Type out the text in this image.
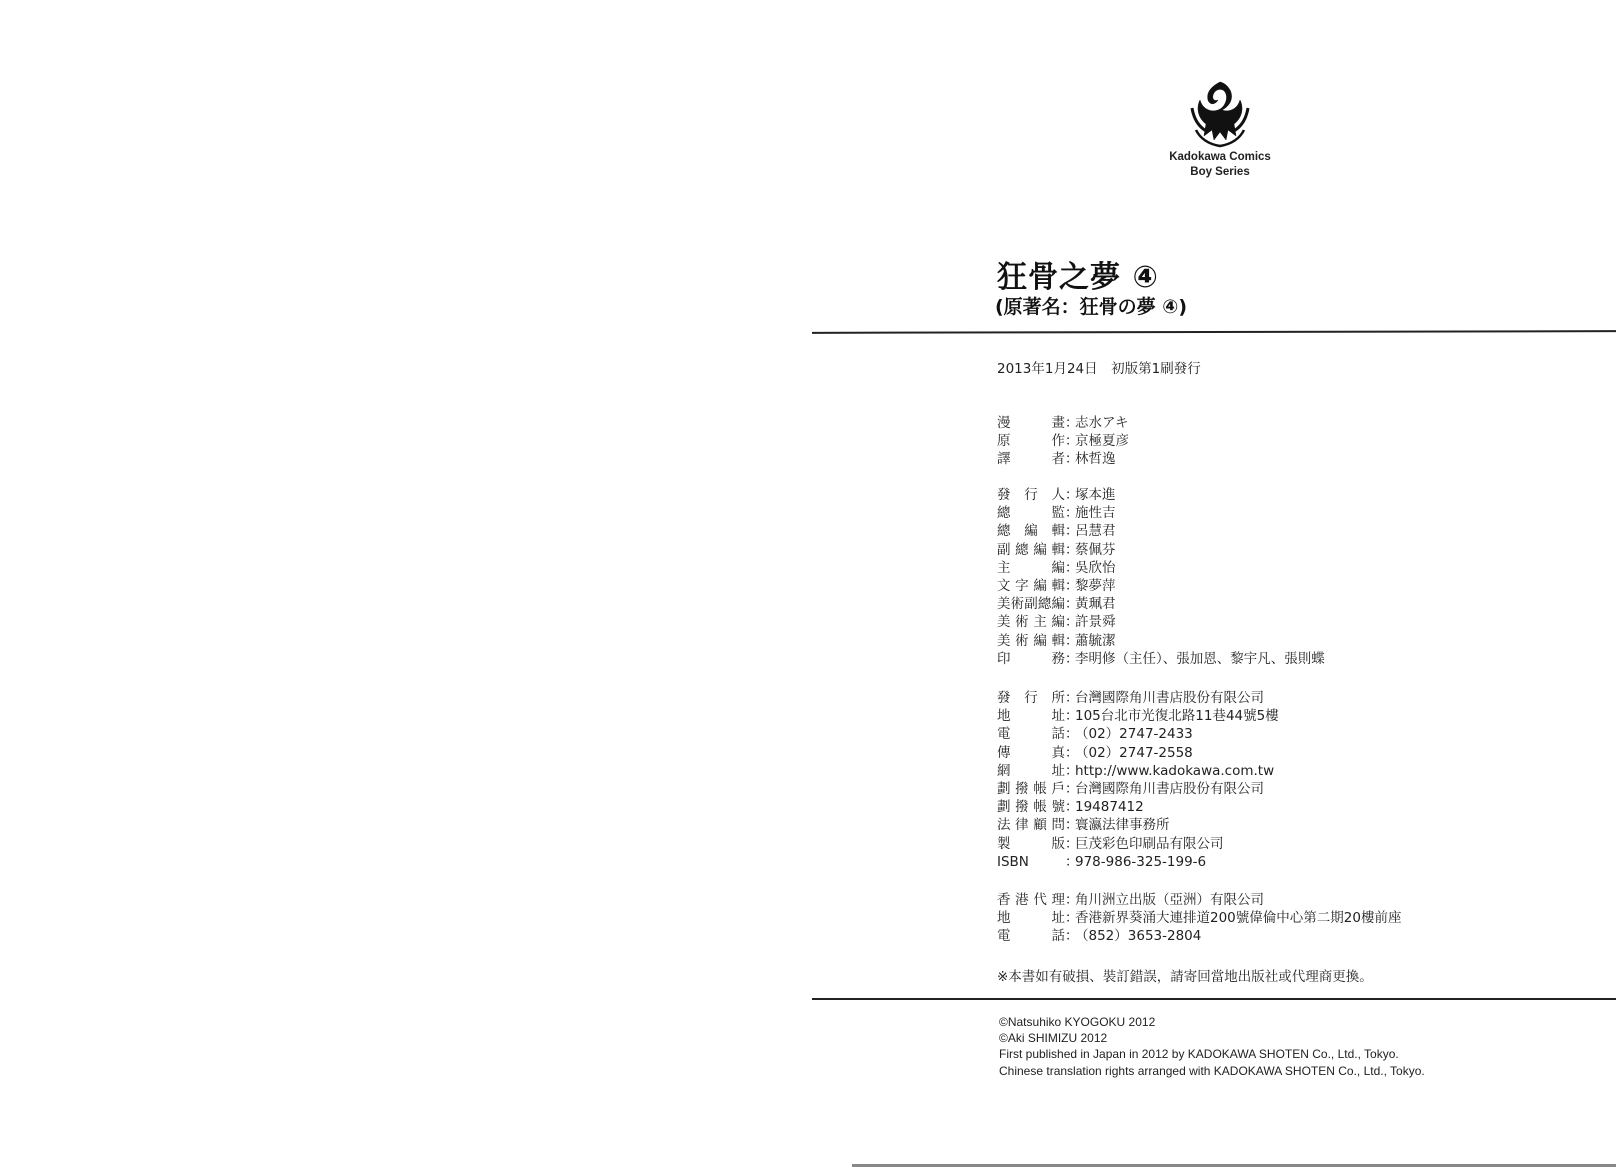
Kadokawa Comics
Boy Series
狂骨之夢 ④
(原著名：狂骨の夢 ④)
2013年1月24日　初版第1刷發行
漫畫 ：
志水アキ
原作 ：
京極夏彦
譯者 ：
林哲逸
發行人 ：
塚本進
總監 ：
施性吉
總編輯 ：
呂慧君
副總編輯 ：
蔡佩芬
主編 ：
吳欣怡
文字編輯 ：
黎夢萍
美術副總編 ：
黃珮君
美術主編 ：
許景舜
美術編輯 ：
蕭毓潔
印務 ：
李明修（主任）、張加恩、黎宇凡、張則蝶
發行所 ：
台灣國際角川書店股份有限公司
地址 ：
105台北市光復北路11巷44號5樓
電話 ：
（02）2747-2433
傳真 ：
（02）2747-2558
網址 ：
http://www.kadokawa.com.tw
劃撥帳戶 ：
台灣國際角川書店股份有限公司
劃撥帳號 ：
19487412
法律顧問 ：
寰瀛法律事務所
製版 ：
巨茂彩色印刷品有限公司
ISBN	：
978-986-325-199-6
香港代理 ：
角川洲立出版（亞洲）有限公司
地址 ：
香港新界葵涌大連排道200號偉倫中心第二期20樓前座
電話 ：
（852）3653-2804
※本書如有破損、裝訂錯誤，請寄回當地出版社或代理商更換。
©Natsuhiko KYOGOKU 2012
©Aki SHIMIZU 2012
First published in Japan in 2012 by KADOKAWA SHOTEN Co., Ltd., Tokyo.
Chinese translation rights arranged with KADOKAWA SHOTEN Co., Ltd., Tokyo.
